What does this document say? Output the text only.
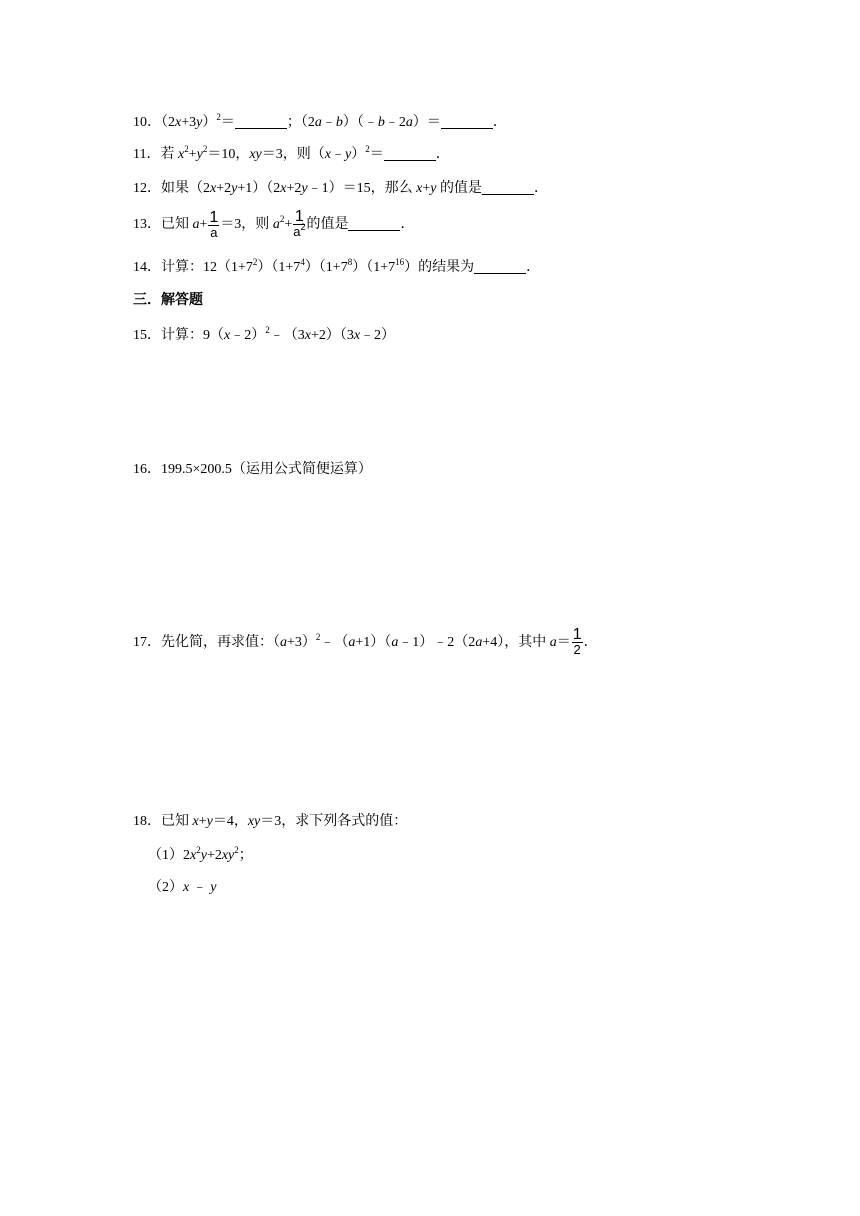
10．$(2x+3y)^2=$	；（2a﹣b）（﹣b﹣2a）＝	．
11．若 $x^2+y^2=10$，xy＝3，则（x﹣y）$^2$＝	．
12．如果（2x+2y+1）（2x+2y﹣1）＝15，那么 x+y 的值是	．
13．已知 $a+ \frac{1}{a} =3$，则 $a^2+ \frac{1}{a^2}$ 的值是	．
14．计算：$12(1+7^2)(1+7^4)(1+7^8)(1+7^{16})$的结果为	．
三．解答题
15．计算：9（x﹣2）$^2$﹣（3x+2）（3x﹣2）
16．199.5×200.5（运用公式简便运算）
17．先化简，再求值：$(a+3)^2﹣(a+1)(a﹣1)﹣2(2a+4)$，其中 $a= \frac{1}{2}$ ．
18．已知 x+y＝4，xy＝3，求下列各式的值：
$(1)2x^2y+2xy^2$；
（2）x ﹣ y
